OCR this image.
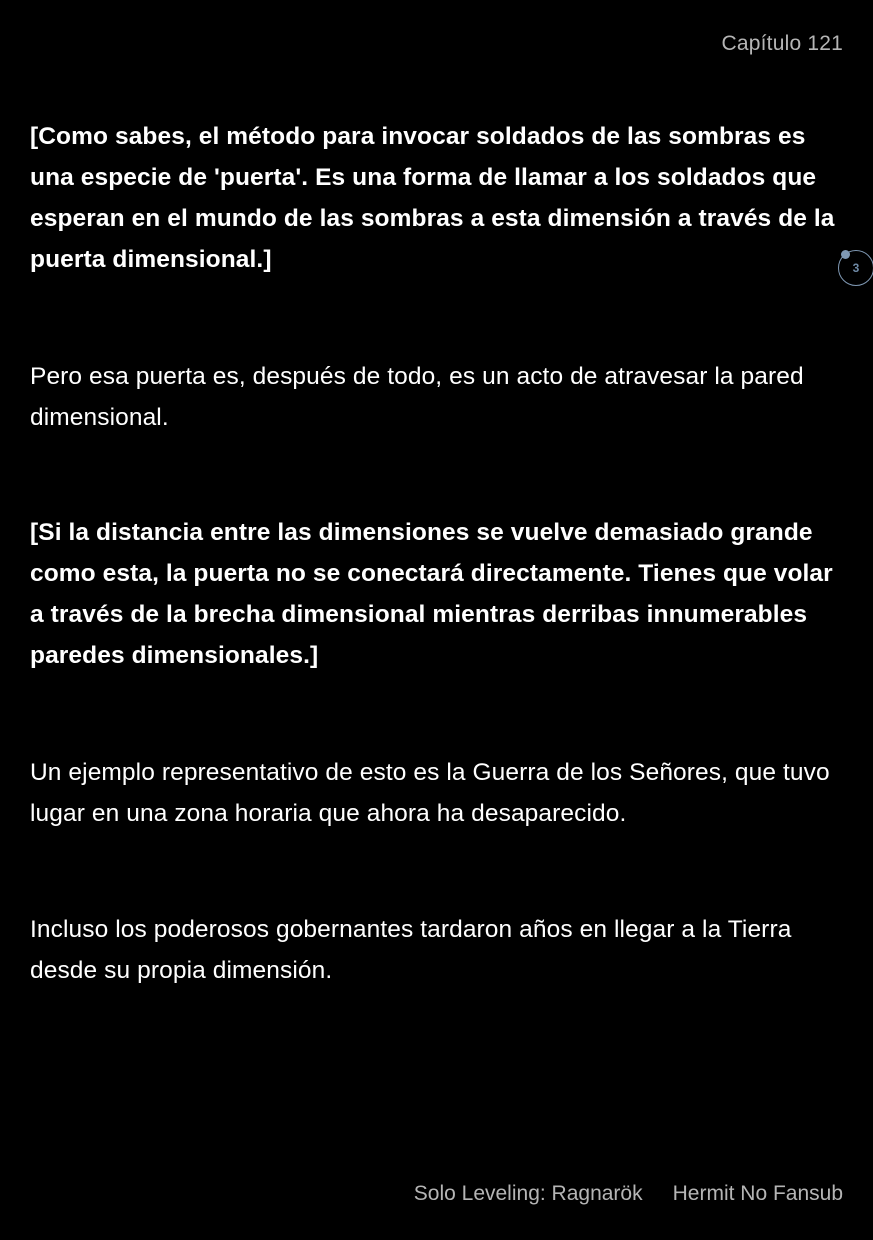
Capítulo 121

[Como sabes, el método para invocar soldados de las sombras es una especie de 'puerta'. Es una forma de llamar a los soldados que esperan en el mundo de las sombras a esta dimensión a través de la puerta dimensional.]

Pero esa puerta es, después de todo, es un acto de atravesar la pared dimensional.

[Si la distancia entre las dimensiones se vuelve demasiado grande como esta, la puerta no se conectará directamente. Tienes que volar a través de la brecha dimensional mientras derribas innumerables paredes dimensionales.]

Un ejemplo representativo de esto es la Guerra de los Señores, que tuvo lugar en una zona horaria que ahora ha desaparecido.

Incluso los poderosos gobernantes tardaron años en llegar a la Tierra desde su propia dimensión.

3
Solo Leveling: Ragnarök Hermit No Fansub
